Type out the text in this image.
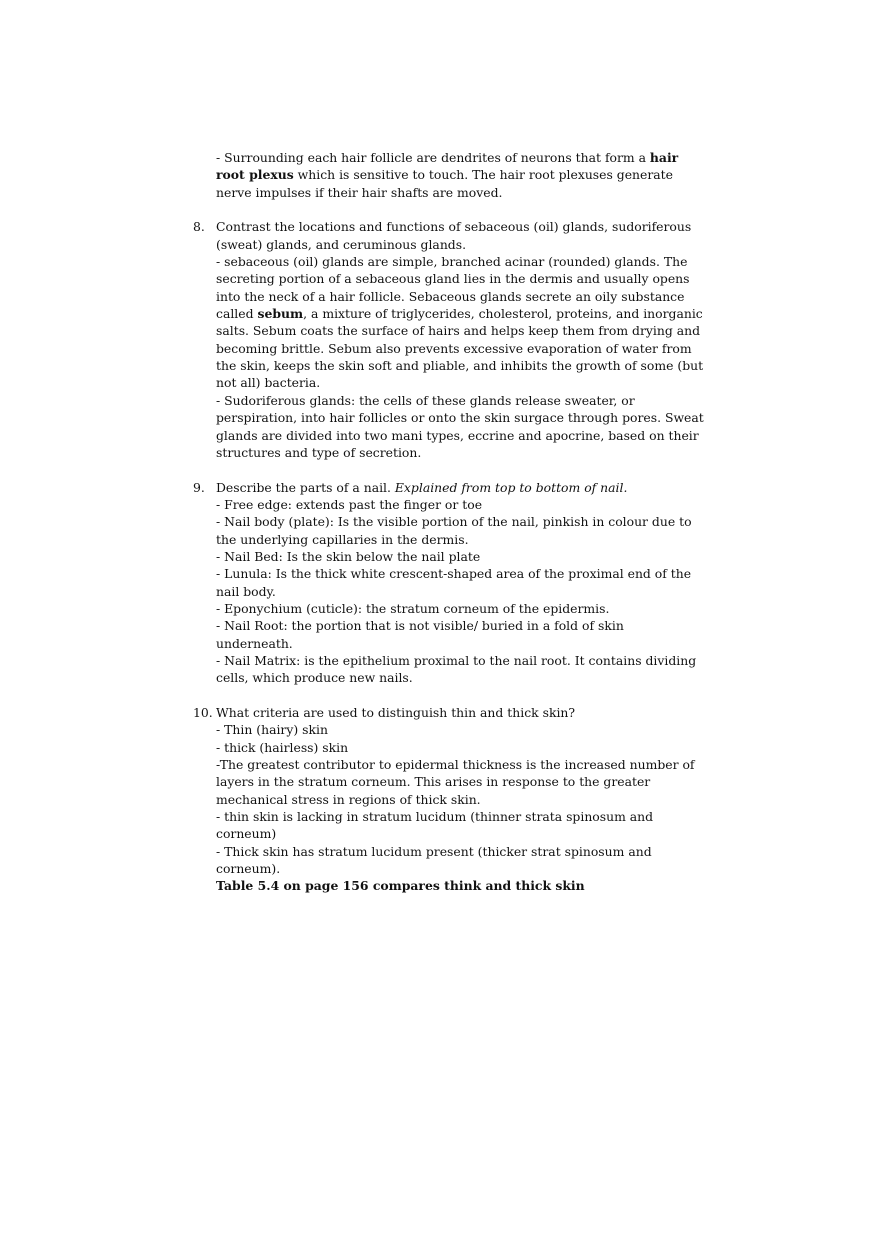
- Surrounding each hair follicle are dendrites of neurons that form a hair
root plexus which is sensitive to touch. The hair root plexuses generate
nerve impulses if their hair shafts are moved.
8. Contrast the locations and functions of sebaceous (oil) glands, sudoriferous
(sweat) glands, and ceruminous glands.
- sebaceous (oil) glands are simple, branched acinar (rounded) glands. The
secreting portion of a sebaceous gland lies in the dermis and usually opens
into the neck of a hair follicle. Sebaceous glands secrete an oily substance
called sebum, a mixture of triglycerides, cholesterol, proteins, and inorganic
salts. Sebum coats the surface of hairs and helps keep them from drying and
becoming brittle. Sebum also prevents excessive evaporation of water from
the skin, keeps the skin soft and pliable, and inhibits the growth of some (but
not all) bacteria.
- Sudoriferous glands: the cells of these glands release sweater, or
perspiration, into hair follicles or onto the skin surgace through pores. Sweat
glands are divided into two mani types, eccrine and apocrine, based on their
structures and type of secretion.
9. Describe the parts of a nail. Explained from top to bottom of nail.
- Free edge: extends past the finger or toe
- Nail body (plate): Is the visible portion of the nail, pinkish in colour due to
the underlying capillaries in the dermis.
- Nail Bed: Is the skin below the nail plate
- Lunula: Is the thick white crescent-shaped area of the proximal end of the
nail body.
- Eponychium (cuticle): the stratum corneum of the epidermis.
- Nail Root: the portion that is not visible/ buried in a fold of skin
underneath.
- Nail Matrix: is the epithelium proximal to the nail root. It contains dividing
cells, which produce new nails.
10. What criteria are used to distinguish thin and thick skin?
- Thin (hairy) skin
- thick (hairless) skin
-The greatest contributor to epidermal thickness is the increased number of
layers in the stratum corneum. This arises in response to the greater
mechanical stress in regions of thick skin.
- thin skin is lacking in stratum lucidum (thinner strata spinosum and
corneum)
- Thick skin has stratum lucidum present (thicker strat spinosum and
corneum).
Table 5.4 on page 156 compares think and thick skin
